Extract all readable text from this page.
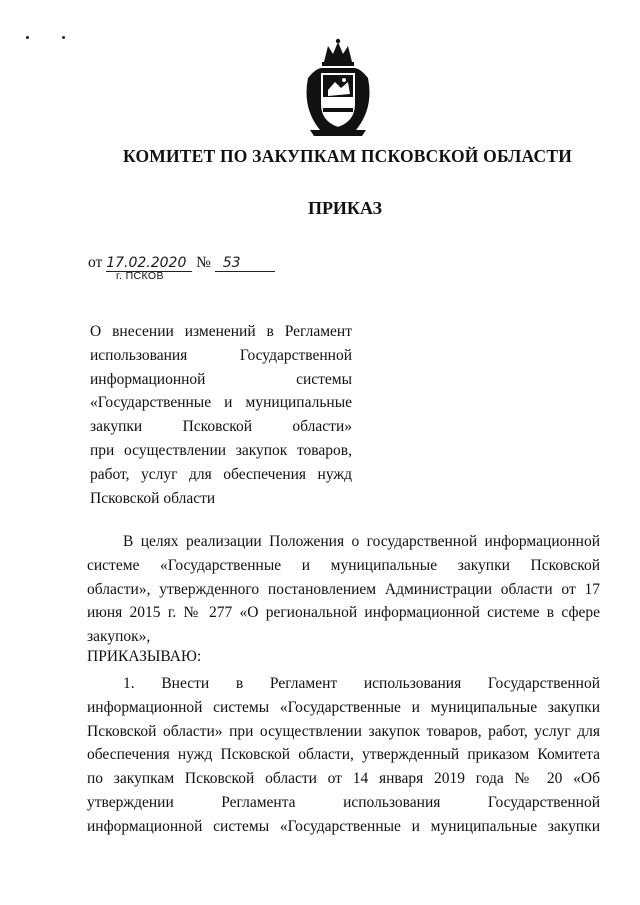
КОМИТЕТ ПО ЗАКУПКАМ ПСКОВСКОЙ ОБЛАСТИ
ПРИКАЗ
от 17.02.2020 № 53
г. ПСКОВ
О внесении изменений в Регламент
использования Государственной
информационной системы
«Государственные и муниципальные
закупки Псковской области»
при осуществлении закупок товаров,
работ, услуг для обеспечения нужд
Псковской области
В целях реализации Положения о государственной информационной
системе «Государственные и муниципальные закупки Псковской
области», утвержденного постановлением Администрации области от 17
июня 2015 г. № 277 «О региональной информационной системе в сфере
закупок»,
ПРИКАЗЫВАЮ:
1. Внести в Регламент использования Государственной
информационной системы «Государственные и муниципальные закупки
Псковской области» при осуществлении закупок товаров, работ, услуг для
обеспечения нужд Псковской области, утвержденный приказом Комитета
по закупкам Псковской области от 14 января 2019 года № 20 «Об
утверждении Регламента использования Государственной
информационной системы «Государственные и муниципальные закупки
